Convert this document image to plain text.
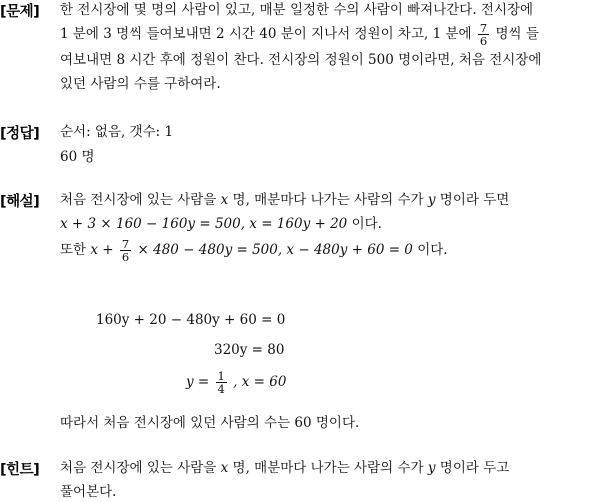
[문제] 한 전시장에 몇 명의 사람이 있고, 매분 일정한 수의 사람이 빠져나간다. 전시장에
1 분에 3 명씩 들여보내면 2 시간 40 분이 지나서 정원이 차고, 1 분에 $\frac{7}{6}$ 명씩 들
여보내면 8 시간 후에 정원이 찬다. 전시장의 정원이 500 명이라면, 처음 전시장에
있던 사람의 수를 구하여라.
[정답] 순서: 없음, 갯수: 1
60 명
[해설] 처음 전시장에 있는 사람을 x 명, 매분마다 나가는 사람의 수가 y 명이라 두면
x + 3 × 160 − 160y = 500, x = 160y + 20 이다.
또한 $x + \frac{7}{6} \times 480 - 480y = 500$, x − 480y + 60 = 0 이다.
160y + 20 − 480y + 60 = 0
320y = 80
$y = \frac{1}{4}$ , x = 60
따라서 처음 전시장에 있던 사람의 수는 60 명이다.
[힌트] 처음 전시장에 있는 사람을 x 명, 매분마다 나가는 사람의 수가 y 명이라 두고
풀어본다.
